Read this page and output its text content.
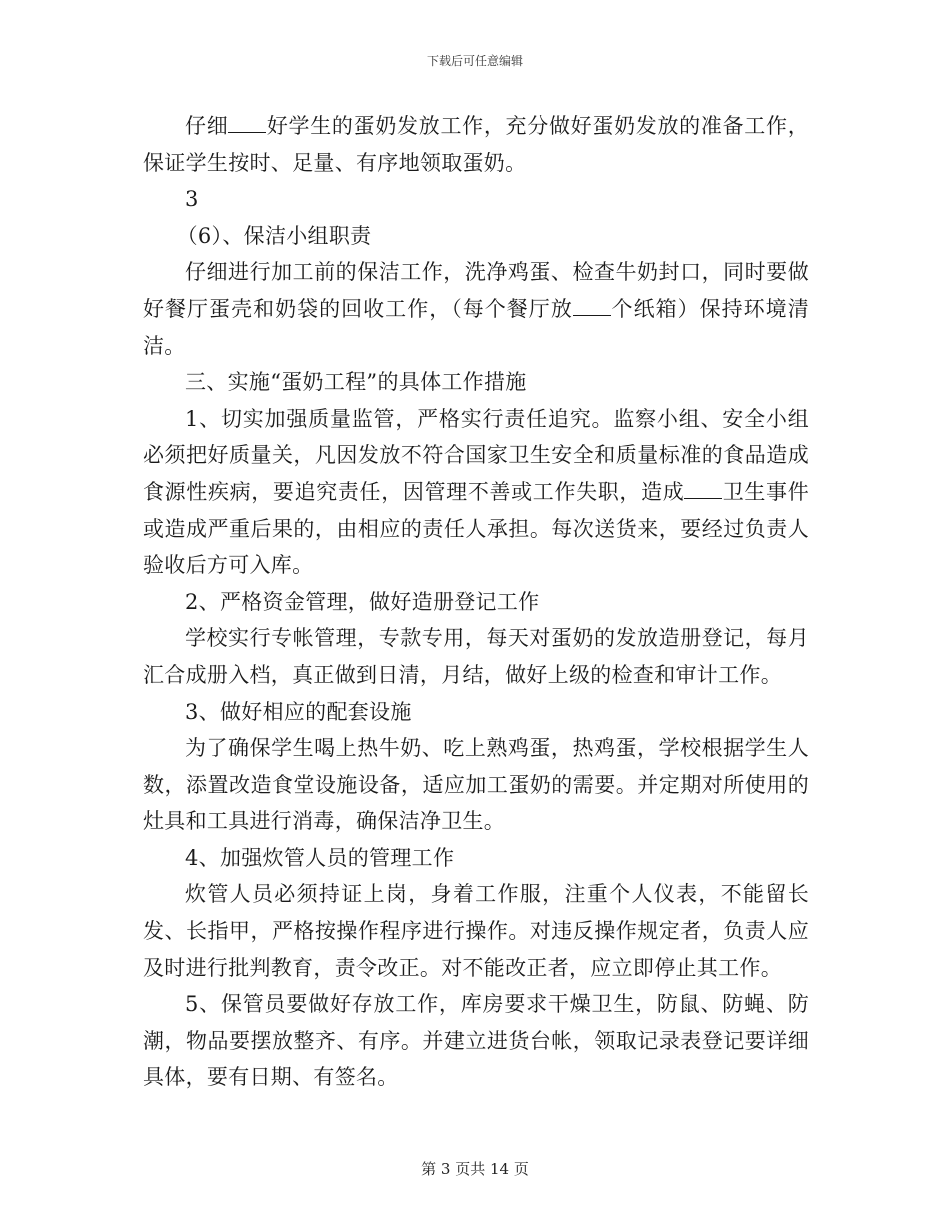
下载后可任意编辑

仔细 好学生的蛋奶发放工作，充分做好蛋奶发放的准备工作，保证学生按时、足量、有序地领取蛋奶。

3

（6）、保洁小组职责

仔细进行加工前的保洁工作，洗净鸡蛋、检查牛奶封口，同时要做好餐厅蛋壳和奶袋的回收工作，（每个餐厅放 个纸箱）保持环境清洁。

三、实施“蛋奶工程”的具体工作措施

1、切实加强质量监管，严格实行责任追究。监察小组、安全小组必须把好质量关，凡因发放不符合国家卫生安全和质量标准的食品造成食源性疾病，要追究责任，因管理不善或工作失职，造成 卫生事件或造成严重后果的，由相应的责任人承担。每次送货来，要经过负责人验收后方可入库。

2、严格资金管理，做好造册登记工作

学校实行专帐管理，专款专用，每天对蛋奶的发放造册登记，每月汇合成册入档，真正做到日清，月结，做好上级的检查和审计工作。

3、做好相应的配套设施

为了确保学生喝上热牛奶、吃上熟鸡蛋，热鸡蛋，学校根据学生人数，添置改造食堂设施设备，适应加工蛋奶的需要。并定期对所使用的灶具和工具进行消毒，确保洁净卫生。

4、加强炊管人员的管理工作

炊管人员必须持证上岗，身着工作服，注重个人仪表，不能留长发、长指甲，严格按操作程序进行操作。对违反操作规定者，负责人应及时进行批判教育，责令改正。对不能改正者，应立即停止其工作。

5、保管员要做好存放工作，库房要求干燥卫生，防鼠、防蝇、防潮，物品要摆放整齐、有序。并建立进货台帐，领取记录表登记要详细具体，要有日期、有签名。

第 3 页共 14 页
